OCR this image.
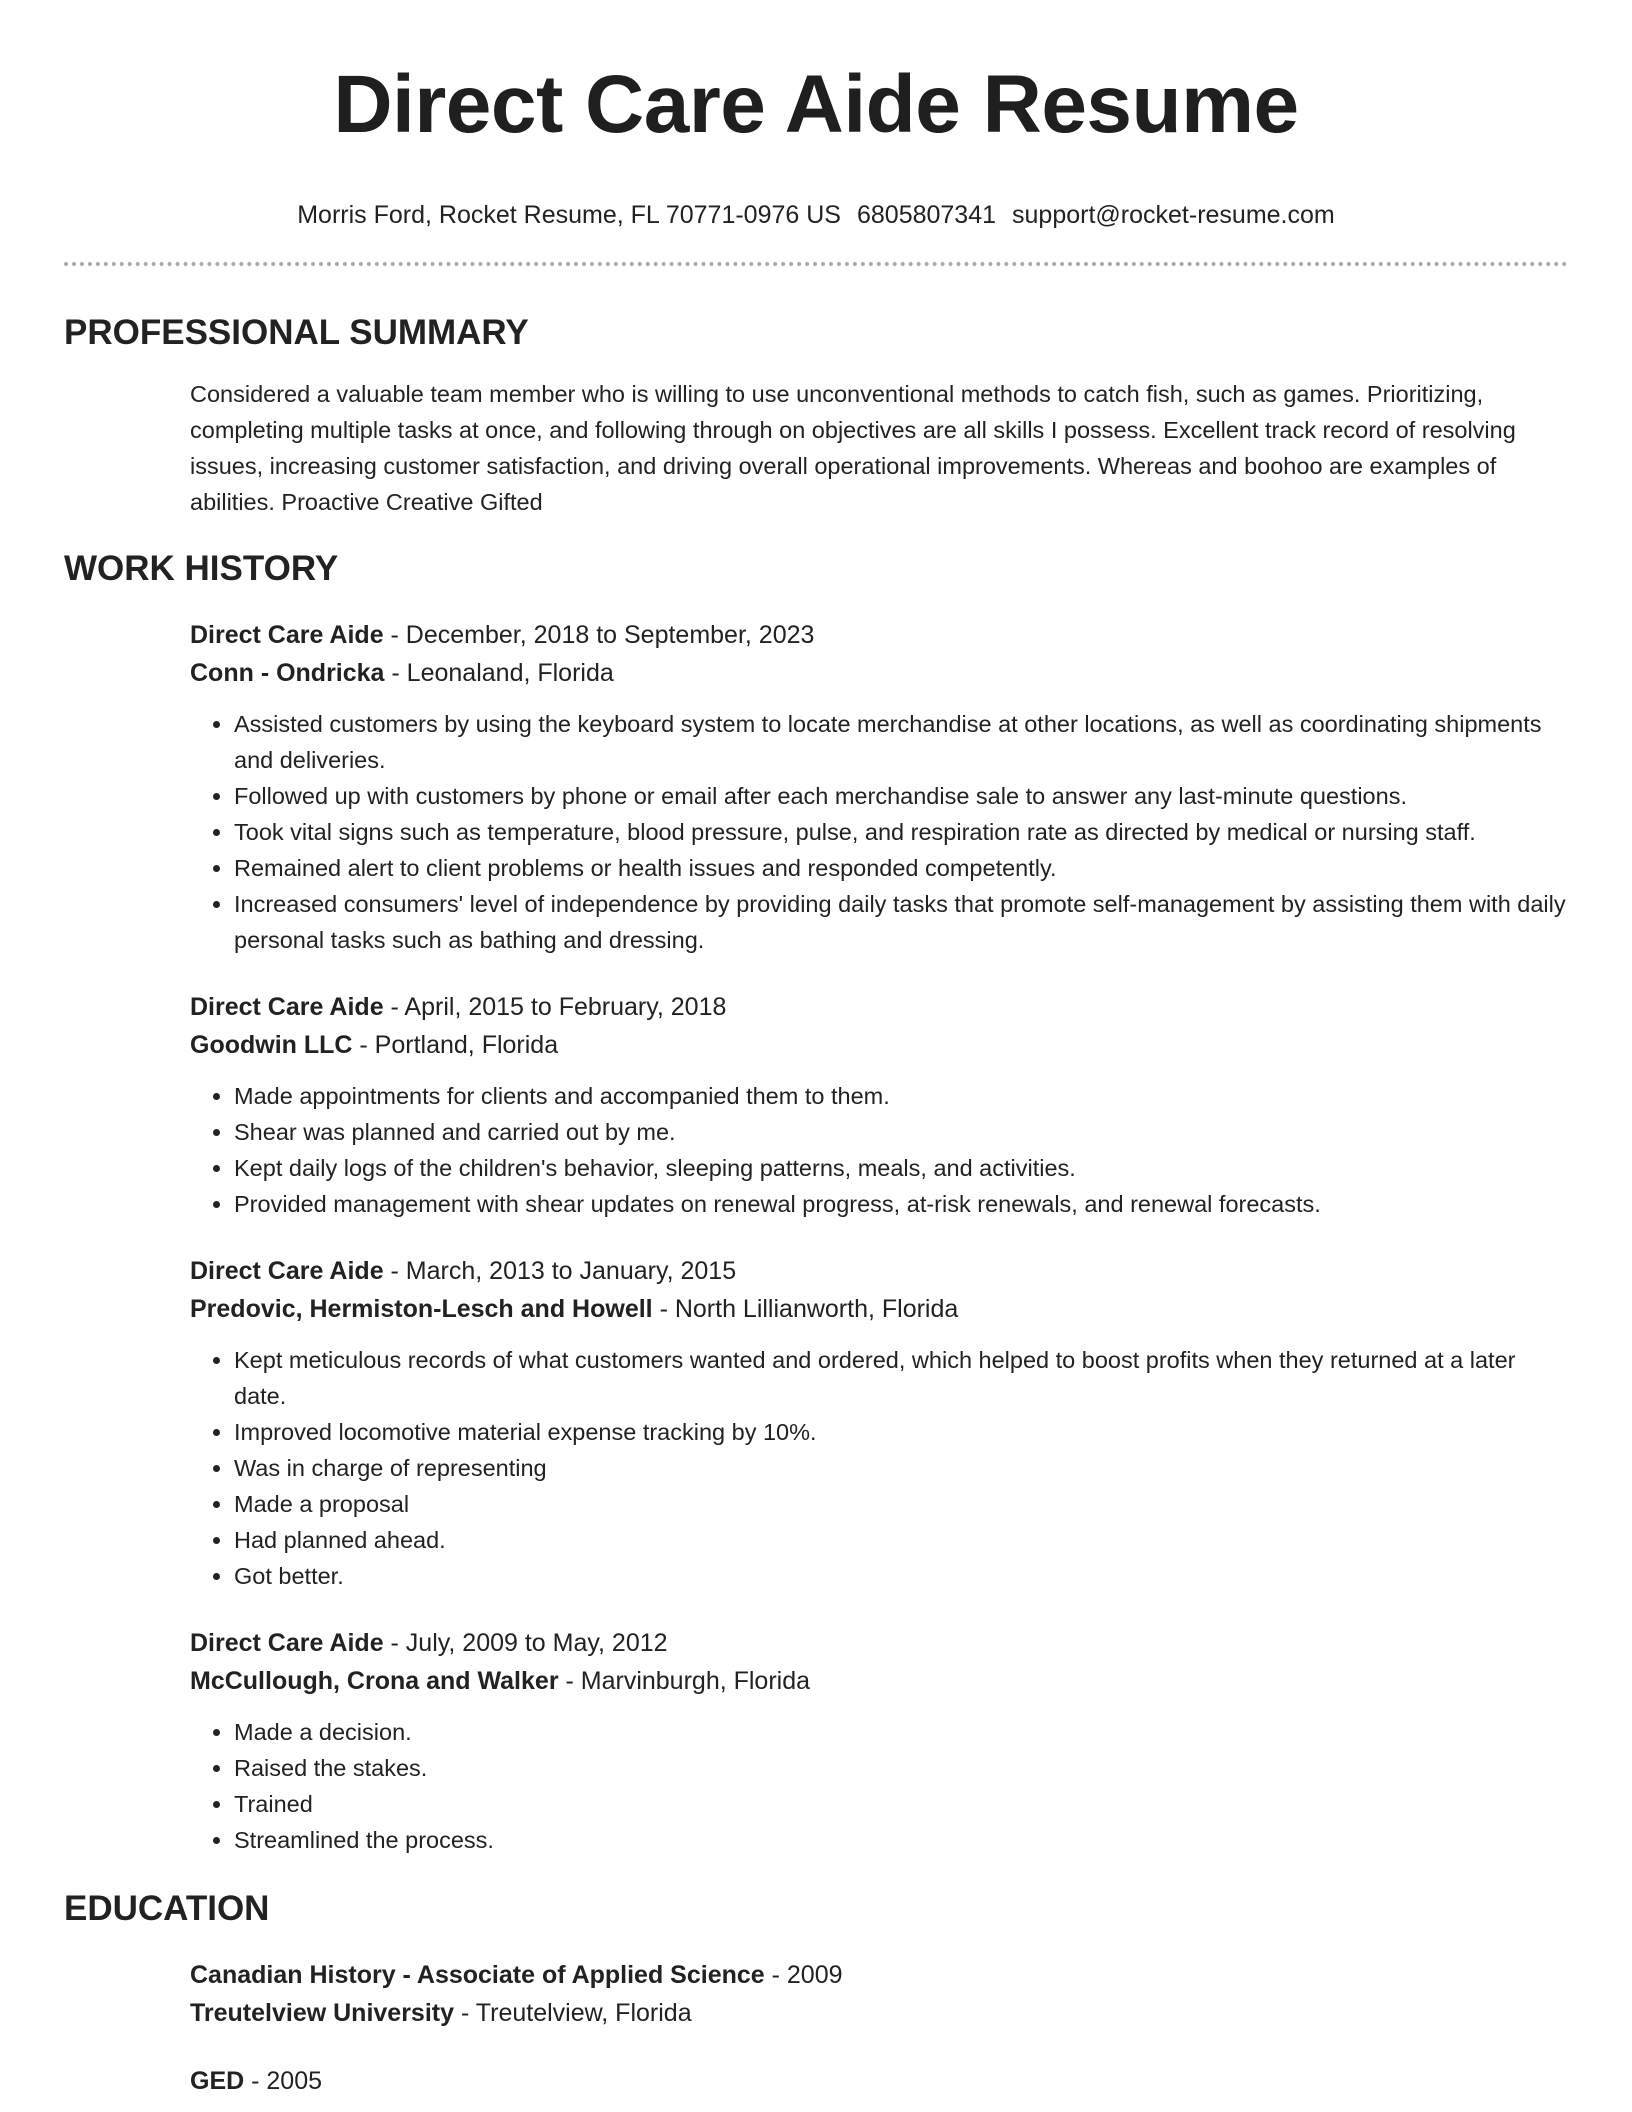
Direct Care Aide Resume
Morris Ford, Rocket Resume, FL 70771-0976 US 6805807341 support@rocket-resume.com
PROFESSIONAL SUMMARY
Considered a valuable team member who is willing to use unconventional methods to catch fish, such as games. Prioritizing, completing multiple tasks at once, and following through on objectives are all skills I possess. Excellent track record of resolving issues, increasing customer satisfaction, and driving overall operational improvements. Whereas and boohoo are examples of abilities. Proactive Creative Gifted
WORK HISTORY
Direct Care Aide - December, 2018 to September, 2023
Conn - Ondricka - Leonaland, Florida
• Assisted customers by using the keyboard system to locate merchandise at other locations, as well as coordinating shipments and deliveries.
• Followed up with customers by phone or email after each merchandise sale to answer any last-minute questions.
• Took vital signs such as temperature, blood pressure, pulse, and respiration rate as directed by medical or nursing staff.
• Remained alert to client problems or health issues and responded competently.
• Increased consumers' level of independence by providing daily tasks that promote self-management by assisting them with daily personal tasks such as bathing and dressing.
Direct Care Aide - April, 2015 to February, 2018
Goodwin LLC - Portland, Florida
• Made appointments for clients and accompanied them to them.
• Shear was planned and carried out by me.
• Kept daily logs of the children's behavior, sleeping patterns, meals, and activities.
• Provided management with shear updates on renewal progress, at-risk renewals, and renewal forecasts.
Direct Care Aide - March, 2013 to January, 2015
Predovic, Hermiston-Lesch and Howell - North Lillianworth, Florida
• Kept meticulous records of what customers wanted and ordered, which helped to boost profits when they returned at a later date.
• Improved locomotive material expense tracking by 10%.
• Was in charge of representing
• Made a proposal
• Had planned ahead.
• Got better.
Direct Care Aide - July, 2009 to May, 2012
McCullough, Crona and Walker - Marvinburgh, Florida
• Made a decision.
• Raised the stakes.
• Trained
• Streamlined the process.
EDUCATION
Canadian History - Associate of Applied Science - 2009
Treutelview University - Treutelview, Florida
GED - 2005
